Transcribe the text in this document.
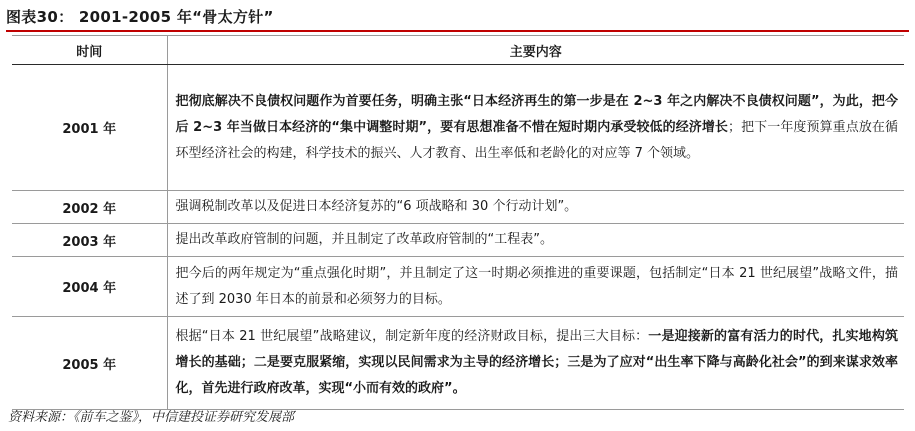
图表30： 2001-2005 年“骨太方针”
时间	主要内容
2001 年	把彻底解决不良债权问题作为首要任务，明确主张“日本经济再生的第一步是在 2~3 年之内解决不良债权问题”，为此，把今后 2~3 年当做日本经济的“集中调整时期”，要有思想准备不惜在短时期内承受较低的经济增长；把下一年度预算重点放在循环型经济社会的构建，科学技术的振兴、人才教育、出生率低和老龄化的对应等 7 个领域。
2002 年	强调税制改革以及促进日本经济复苏的“6 项战略和 30 个行动计划”。
2003 年	提出改革政府管制的问题，并且制定了改革政府管制的“工程表”。
2004 年	把今后的两年规定为“重点强化时期”，并且制定了这一时期必须推进的重要课题，包括制定“日本 21 世纪展望”战略文件，描述了到 2030 年日本的前景和必须努力的目标。
2005 年	根据“日本 21 世纪展望”战略建议，制定新年度的经济财政目标，提出三大目标：一是迎接新的富有活力的时代，扎实地构筑增长的基础；二是要克服紧缩，实现以民间需求为主导的经济增长；三是为了应对“出生率下降与高龄化社会”的到来谋求效率化，首先进行政府改革，实现“小而有效的政府”。
资料来源：《前车之鉴》，中信建投证券研究发展部
